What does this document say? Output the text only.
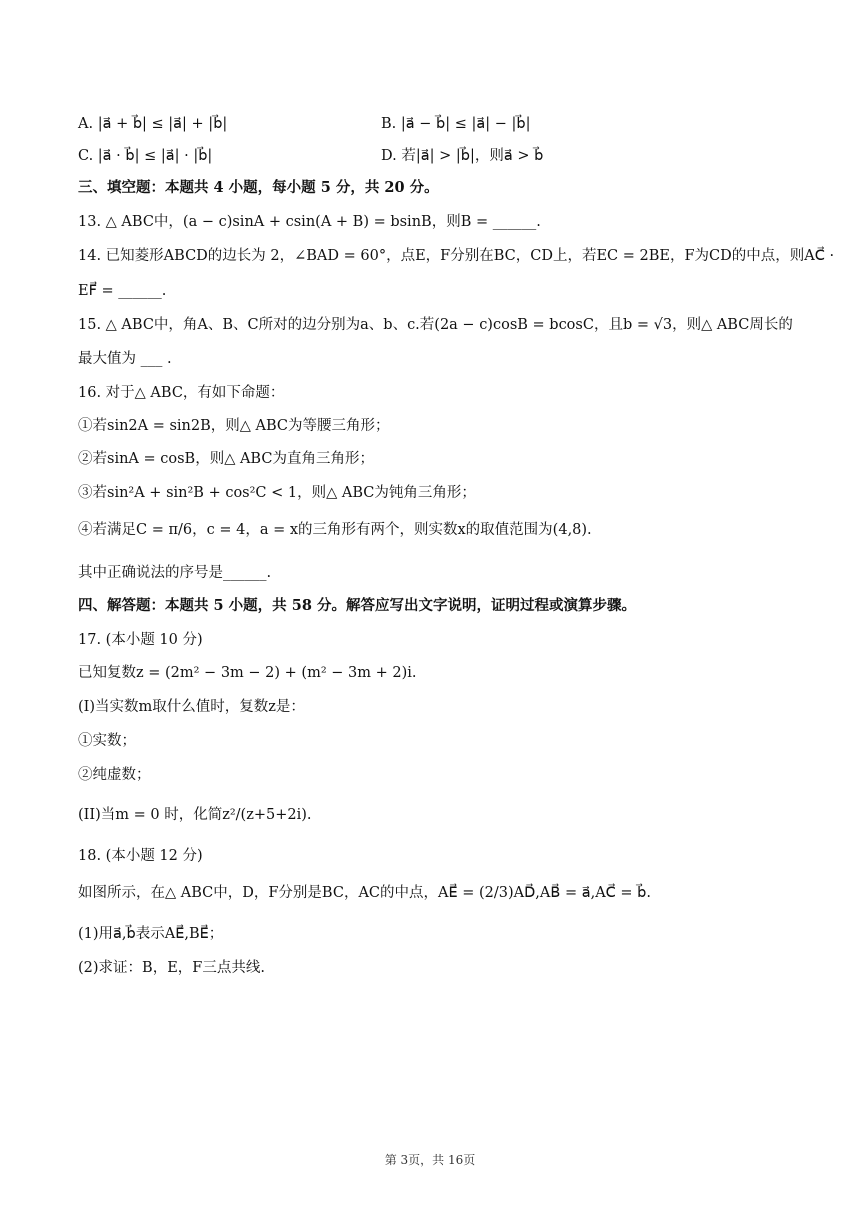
A. |a⃗ + b⃗| ≤ |a⃗| + |b⃗|	B. |a⃗ − b⃗| ≤ |a⃗| − |b⃗|
C. |a⃗ · b⃗| ≤ |a⃗| · |b⃗|	D. 若|a⃗| > |b⃗|，则a⃗ > b⃗
三、填空题：本题共 4 小题，每小题 5 分，共 20 分。
13. △ ABC中，(a − c)sinA + csin(A + B) = bsinB，则B = ______.
14. 已知菱形ABCD的边长为 2，∠BAD = 60°，点E，F分别在BC，CD上，若EC = 2BE，F为CD的中点，则AC⃗ ·
EF⃗ = ______.
15. △ ABC中，角A、B、C所对的边分别为a、b、c.若(2a − c)cosB = bcosC，且b = √3，则△ ABC周长的
最大值为 ___ .
16. 对于△ ABC，有如下命题：
①若sin2A = sin2B，则△ ABC为等腰三角形；
②若sinA = cosB，则△ ABC为直角三角形；
③若sin²A + sin²B + cos²C < 1，则△ ABC为钝角三角形；
④若满足C = π/6，c = 4，a = x的三角形有两个，则实数x的取值范围为(4,8).
其中正确说法的序号是______.
四、解答题：本题共 5 小题，共 58 分。解答应写出文字说明，证明过程或演算步骤。
17. (本小题 10 分)
已知复数z = (2m² − 3m − 2) + (m² − 3m + 2)i.
(I)当实数m取什么值时，复数z是：
①实数；
②纯虚数；
(II)当m = 0 时，化简z²/(z+5+2i).
18. (本小题 12 分)
如图所示，在△ ABC中，D，F分别是BC，AC的中点，AE⃗ = (2/3)AD⃗,AB⃗ = a⃗,AC⃗ = b⃗.
(1)用a⃗,b⃗表示AE⃗,BE⃗；
(2)求证：B，E，F三点共线.
第 3页，共 16页
